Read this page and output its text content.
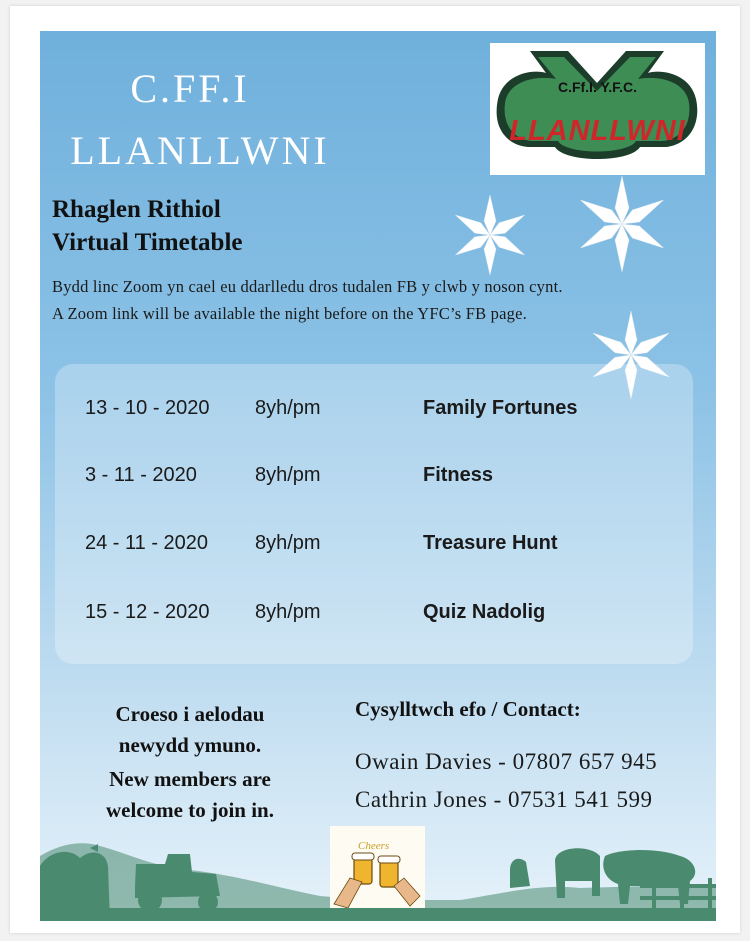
C.FF.I
LLANLLWNI
C.Ff.I. Y.F.C.
LLANLLWNI
Rhaglen Rithiol
Virtual Timetable
Bydd linc Zoom yn cael eu ddarlledu dros tudalen FB y clwb y noson cynt.
A Zoom link will be available the night before on the YFC’s FB page.
13 - 10 - 2020 8yh/pm	Family Fortunes
3 - 11 - 2020	8yh/pm	Fitness
24 - 11 - 2020 8yh/pm	Treasure Hunt
15 - 12 - 2020 8yh/pm	Quiz Nadolig
Croeso i aelodau newydd ymuno.
New members are welcome to join in.
Cysylltwch efo / Contact:
Owain Davies - 07807 657 945
Cathrin Jones - 07531 541 599
Cheers
